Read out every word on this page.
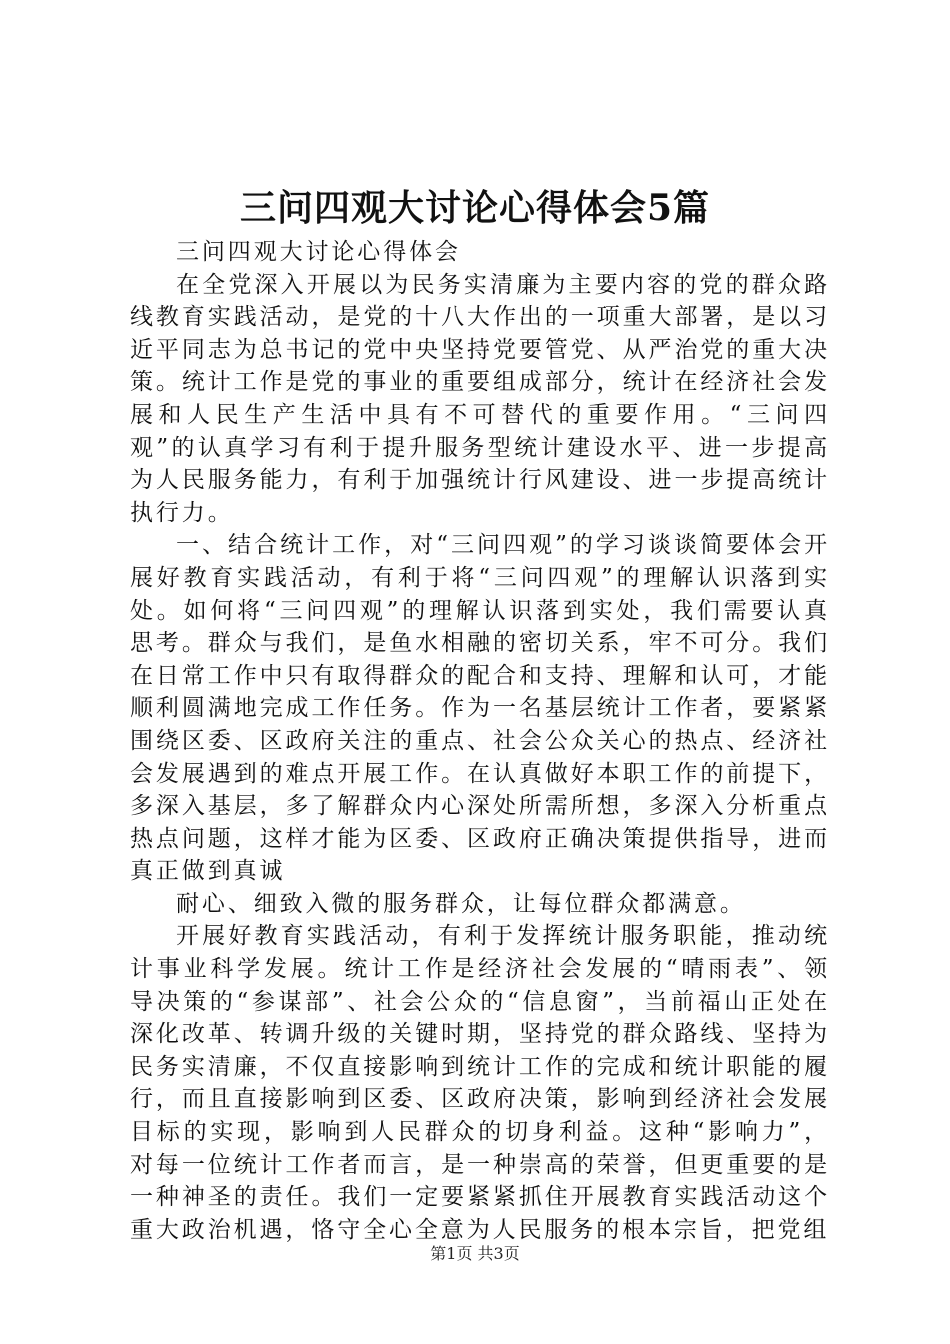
三问四观大讨论心得体会5篇

三问四观大讨论心得体会

在全党深入开展以为民务实清廉为主要内容的党的群众路线教育实践活动，是党的十八大作出的一项重大部署，是以习近平同志为总书记的党中央坚持党要管党、从严治党的重大决策。统计工作是党的事业的重要组成部分，统计在经济社会发展和人民生产生活中具有不可替代的重要作用。“三问四观”的认真学习有利于提升服务型统计建设水平、进一步提高为人民服务能力，有利于加强统计行风建设、进一步提高统计执行力。

一、结合统计工作，对“三问四观”的学习谈谈简要体会开展好教育实践活动，有利于将“三问四观”的理解认识落到实处。如何将“三问四观”的理解认识落到实处，我们需要认真思考。群众与我们，是鱼水相融的密切关系，牢不可分。我们在日常工作中只有取得群众的配合和支持、理解和认可，才能顺利圆满地完成工作任务。作为一名基层统计工作者，要紧紧围绕区委、区政府关注的重点、社会公众关心的热点、经济社会发展遇到的难点开展工作。在认真做好本职工作的前提下，多深入基层，多了解群众内心深处所需所想，多深入分析重点热点问题，这样才能为区委、区政府正确决策提供指导，进而真正做到真诚

耐心、细致入微的服务群众，让每位群众都满意。

开展好教育实践活动，有利于发挥统计服务职能，推动统计事业科学发展。统计工作是经济社会发展的“晴雨表”、领导决策的“参谋部”、社会公众的“信息窗”，当前福山正处在深化改革、转调升级的关键时期，坚持党的群众路线、坚持为民务实清廉，不仅直接影响到统计工作的完成和统计职能的履行，而且直接影响到区委、区政府决策，影响到经济社会发展目标的实现，影响到人民群众的切身利益。这种“影响力”，对每一位统计工作者而言，是一种崇高的荣誉，但更重要的是一种神圣的责任。我们一定要紧紧抓住开展教育实践活动这个重大政治机遇，恪守全心全意为人民服务的根本宗旨，把党组

第1页 共3页
